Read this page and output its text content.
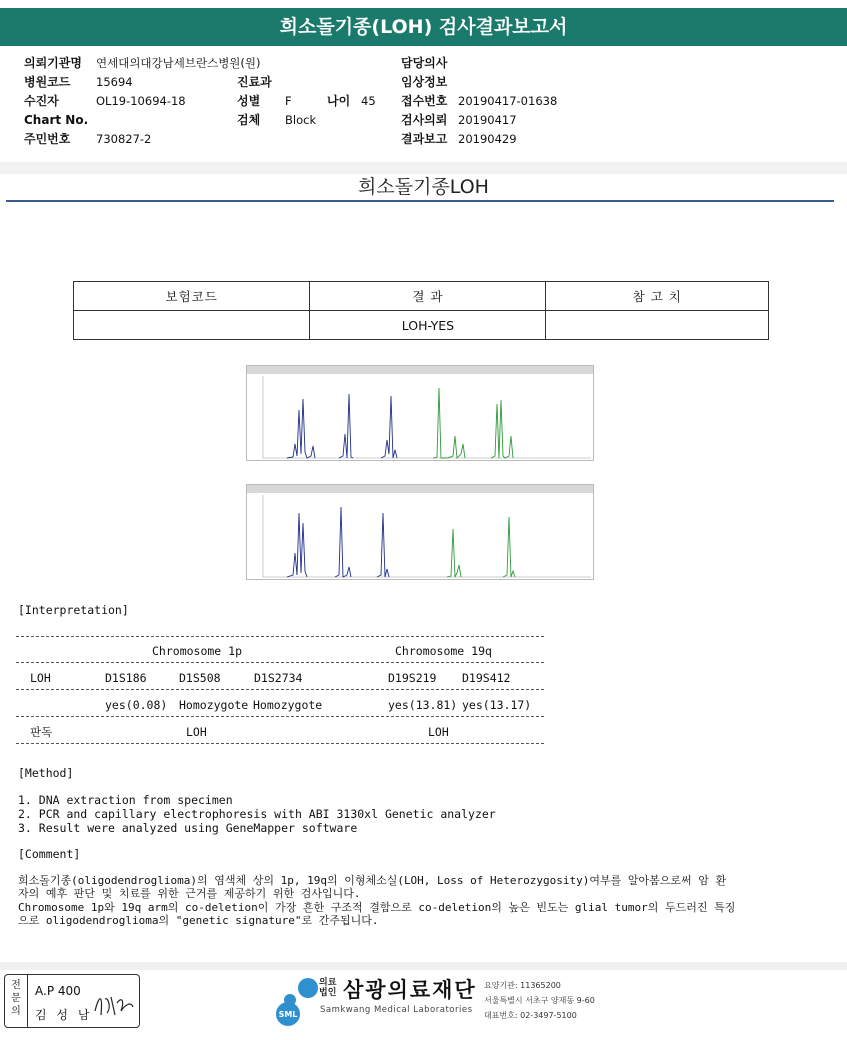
희소돌기종(LOH) 검사결과보고서
의뢰기관명 연세대의대강남세브란스병원(원)
병원코드 15694
수진자	OL19-10694-18
Chart No.
주민번호 730827-2
진료과
성별 F	나이 45
검체 Block
담당의사
임상정보
접수번호 20190417-01638
검사의뢰 20190417
결과보고 20190429
희소돌기종LOH
보험코드	결 과	참 고 치
	LOH-YES	
[Interpretation]
Chromosome 1p	Chromosome 19q
LOH	D1S186	D1S508	D1S2734	D19S219 D19S412
yes(0.08) Homozygote Homozygote	yes(13.81) yes(13.17)
판독	LOH	LOH
[Method]
1. DNA extraction from specimen
2. PCR and capillary electrophoresis with ABI 3130xl Genetic analyzer
3. Result were analyzed using GeneMapper software
[Comment]
희소돌기종(oligodendroglioma)의 염색체 상의 1p, 19q의 이형체소실(LOH, Loss of Heterozygosity)여부를 알아봄으로써 암 환
자의 예후 판단 및 치료를 위한 근거를 제공하기 위한 검사입니다.
Chromosome 1p와 19q arm의 co-deletion이 가장 흔한 구조적 결함으로 co-deletion의 높은 빈도는 glial tumor의 두드러진 특징
으로 oligodendroglioma의 "genetic signature"로 간주됩니다.
전문의
A.P 400
김 성 남	SML
의료
법인 삼광의료재단
Samkwang Medical Laboratories
요양기관: 11365200
서울특별시 서초구 양재동 9-60
대표번호: 02-3497-5100
